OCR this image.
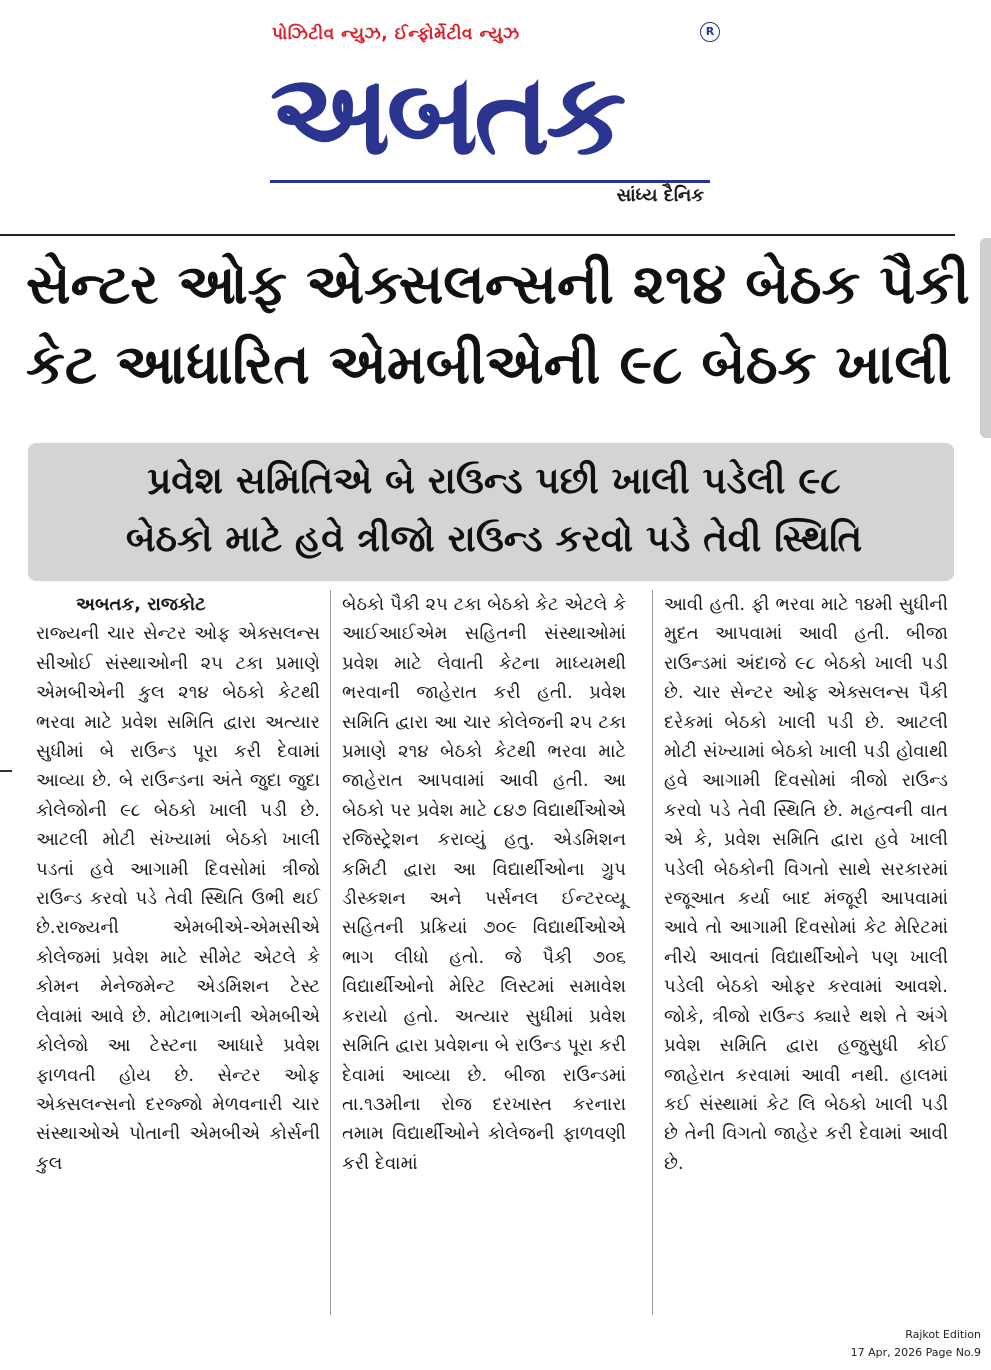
પોઝિટીવ ન્યુઝ, ઈન્ફોર્મેટીવ ન્યુઝ	R
અબતક
સાંધ્ય દૈનિક
સેન્ટર ઓફ એક્સલન્સની ૨૧૪ બેઠક પૈકી
કેટ આધારિત એમબીએની ૯૮ બેઠક ખાલી
પ્રવેશ સમિતિએ બે રાઉન્ડ પછી ખાલી પડેલી ૯૮
બેઠકો માટે હવે ત્રીજો રાઉન્ડ કરવો પડે તેવી સ્થિતિ
અબતક, રાજકોટ
રાજ્યની ચાર સેન્ટર ઓફ એક્સલન્સ સીઓઈ સંસ્થાઓની ૨૫ ટકા પ્રમાણે એમબીએની કુલ ૨૧૪ બેઠકો કેટથી ભરવા માટે પ્રવેશ સમિતિ દ્વારા અત્યાર સુધીમાં બે રાઉન્ડ પૂરા કરી દેવામાં આવ્યા છે. બે રાઉન્ડના અંતે જુદા જુદા કોલેજોની ૯૮ બેઠકો ખાલી પડી છે. આટલી મોટી સંખ્યામાં બેઠકો ખાલી પડતાં હવે આગામી દિવસોમાં ત્રીજો રાઉન્ડ કરવો પડે તેવી સ્થિતિ ઉભી થઈ છે.રાજ્યની એમબીએ-એમસીએ કોલેજમાં પ્રવેશ માટે સીમેટ એટલે કે કોમન મેનેજમેન્ટ એડમિશન ટેસ્ટ લેવામાં આવે છે. મોટાભાગની એમબીએ કોલેજો આ ટેસ્ટના આધારે પ્રવેશ ફાળવતી હોય છે. સેન્ટર ઓફ એક્સલન્સનો દરજ્જો મેળવનારી ચાર સંસ્થાઓએ પોતાની એમબીએ કોર્સની કુલ
બેઠકો પૈકી ૨૫ ટકા બેઠકો કેટ એટલે કે આઈઆઈએમ સહિતની સંસ્થાઓમાં પ્રવેશ માટે લેવાતી કેટના માધ્યમથી ભરવાની જાહેરાત કરી હતી. પ્રવેશ સમિતિ દ્વારા આ ચાર કોલેજની ૨૫ ટકા પ્રમાણે ૨૧૪ બેઠકો કેટથી ભરવા માટે જાહેરાત આપવામાં આવી હતી. આ બેઠકો પર પ્રવેશ માટે ૮૪૭ વિદ્યાર્થીઓએ રજિસ્ટ્રેશન કરાવ્યું હતુ. એડમિશન કમિટી દ્વારા આ વિદ્યાર્થીઓના ગ્રુપ ડીસ્કશન અને પર્સનલ ઈન્ટરવ્યૂ સહિતની પ્રક્રિયાં ૭૦૯ વિદ્યાર્થીઓએ ભાગ લીધો હતો. જે પૈકી ૭૦૬ વિદ્યાર્થીઓનો મેરિટ લિસ્ટમાં સમાવેશ કરાયો હતો. અત્યાર સુધીમાં પ્રવેશ સમિતિ દ્વારા પ્રવેશના બે રાઉન્ડ પૂરા કરી દેવામાં આવ્યા છે. બીજા રાઉન્ડમાં તા.૧૩મીના રોજ દરખાસ્ત કરનારા તમામ વિદ્યાર્થીઓને કોલેજની ફાળવણી કરી દેવામાં
આવી હતી. ફી ભરવા માટે ૧૪મી સુધીની મુદત આપવામાં આવી હતી. બીજા રાઉન્ડમાં અંદાજે ૯૮ બેઠકો ખાલી પડી છે. ચાર સેન્ટર ઓફ એક્સલન્સ પૈકી દરેકમાં બેઠકો ખાલી પડી છે. આટલી મોટી સંખ્યામાં બેઠકો ખાલી પડી હોવાથી હવે આગામી દિવસોમાં ત્રીજો રાઉન્ડ કરવો પડે તેવી સ્થિતિ છે. મહત્વની વાત એ કે, પ્રવેશ સમિતિ દ્વારા હવે ખાલી પડેલી બેઠકોની વિગતો સાથે સરકારમાં રજૂઆત કર્યા બાદ મંજૂરી આપવામાં આવે તો આગામી દિવસોમાં કેટ મેરિટમાં નીચે આવતાં વિદ્યાર્થીઓને પણ ખાલી પડેલી બેઠકો ઓફર કરવામાં આવશે. જોકે, ત્રીજો રાઉન્ડ ક્યારે થશે તે અંગે પ્રવેશ સમિતિ દ્વારા હજુસુધી કોઈ જાહેરાત કરવામાં આવી નથી. હાલમાં કઈ સંસ્થામાં કેટ લિ બેઠકો ખાલી પડી છે તેની વિગતો જાહેર કરી દેવામાં આવી છે.
Rajkot Edition
17 Apr, 2026 Page No.9
